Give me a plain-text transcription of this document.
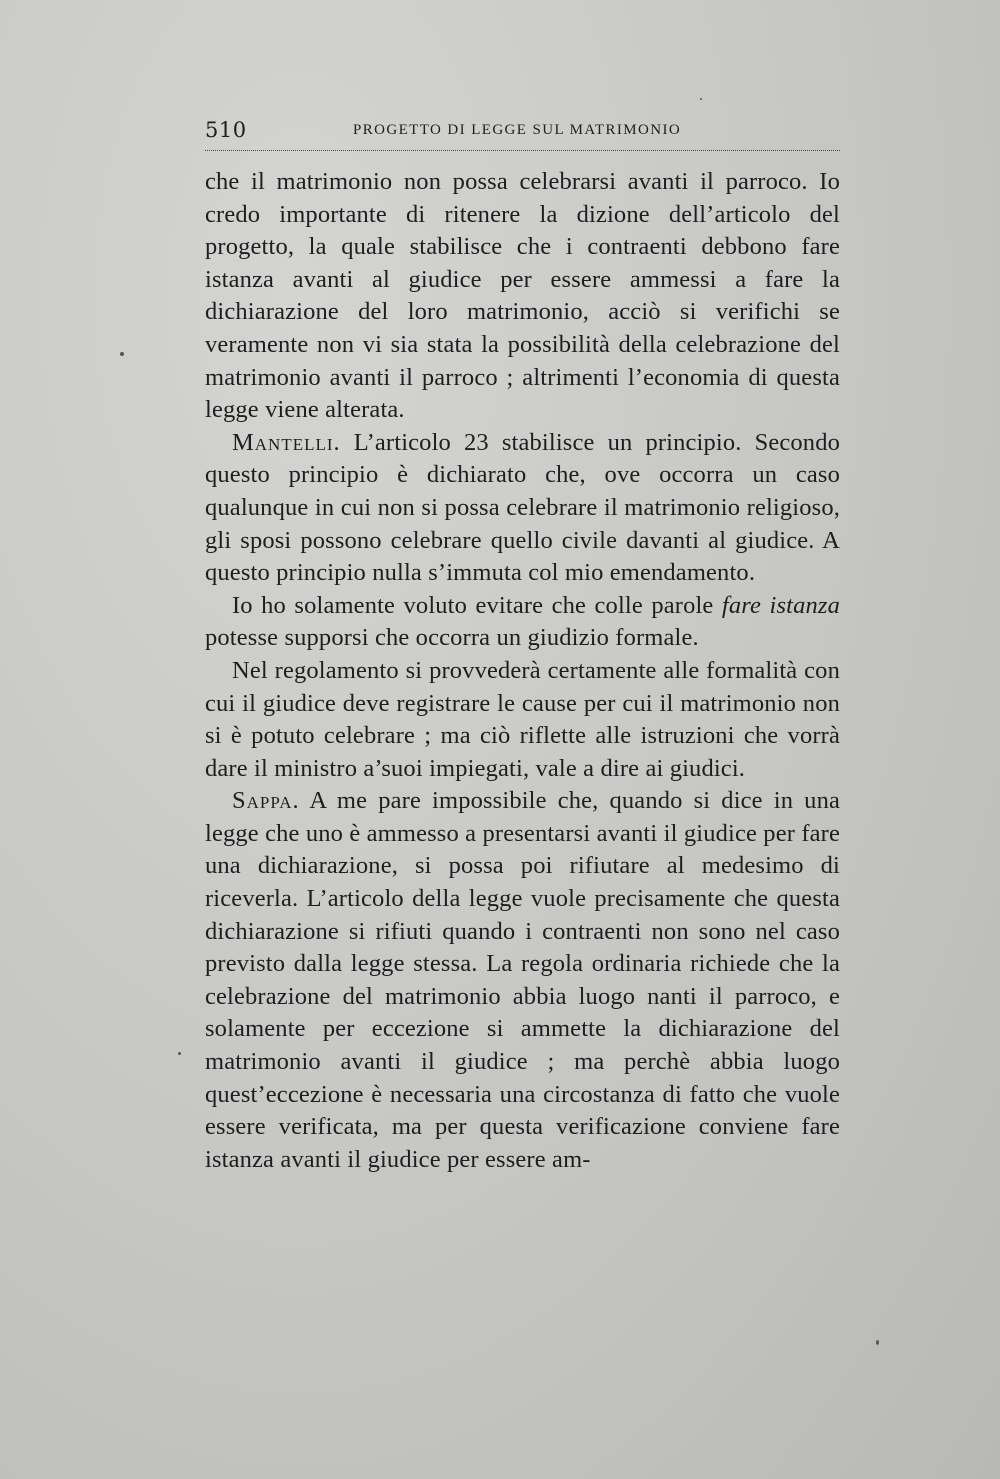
510	PROGETTO DI LEGGE SUL MATRIMONIO

che il matrimonio non possa celebrarsi avanti il parroco. Io credo importante di ritenere la dizione dell’articolo del progetto, la quale stabilisce che i contraenti debbono fare istanza avanti al giudice per essere ammessi a fare la dichiarazione del loro matrimonio, acciò si verifichi se veramente non vi sia stata la possibilità della celebrazione del matrimonio avanti il parroco ; altrimenti l’economia di questa legge viene alterata.

Mantelli. L’articolo 23 stabilisce un principio. Secondo questo principio è dichiarato che, ove occorra un caso qualunque in cui non si possa celebrare il matrimonio religioso, gli sposi possono celebrare quello civile davanti al giudice. A questo principio nulla s’immuta col mio emendamento.

Io ho solamente voluto evitare che colle parole fare istanza potesse supporsi che occorra un giudizio formale.

Nel regolamento si provvederà certamente alle formalità con cui il giudice deve registrare le cause per cui il matrimonio non si è potuto celebrare ; ma ciò riflette alle istruzioni che vorrà dare il ministro a’suoi impiegati, vale a dire ai giudici.

Sappa. A me pare impossibile che, quando si dice in una legge che uno è ammesso a presentarsi avanti il giudice per fare una dichiarazione, si possa poi rifiutare al medesimo di riceverla. L’articolo della legge vuole precisamente che questa dichiarazione si rifiuti quando i contraenti non sono nel caso previsto dalla legge stessa. La regola ordinaria richiede che la celebrazione del matrimonio abbia luogo nanti il parroco, e solamente per eccezione si ammette la dichiarazione del matrimonio avanti il giudice ; ma perchè abbia luogo quest’eccezione è necessaria una circostanza di fatto che vuole essere verificata, ma per questa verificazione conviene fare istanza avanti il giudice per essere am-
